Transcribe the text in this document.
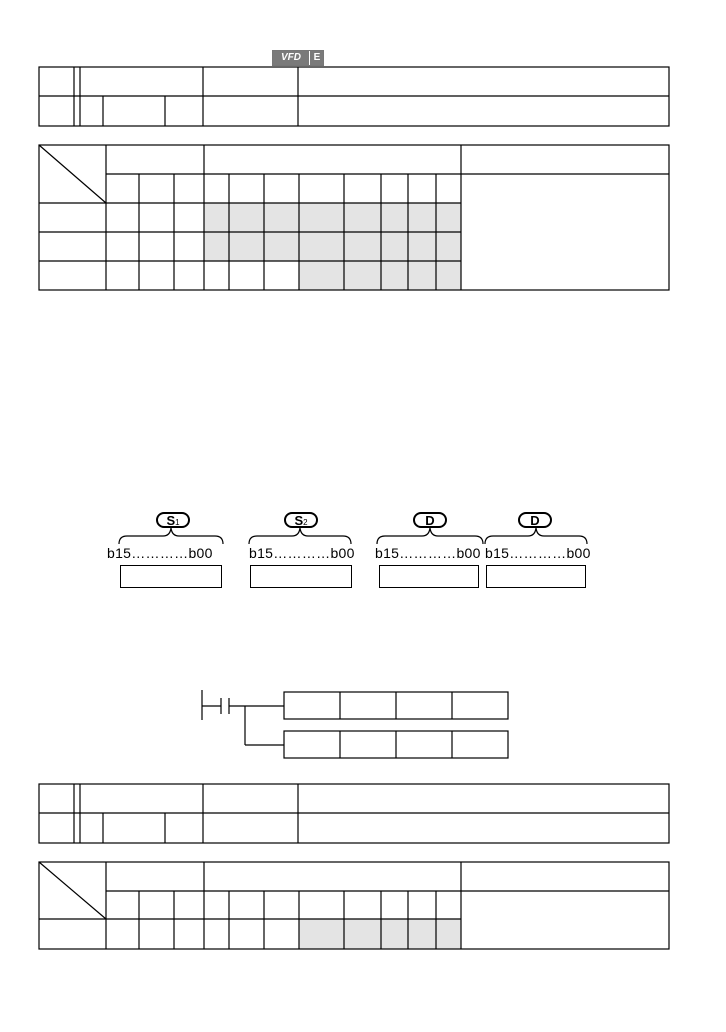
VFD	E
S1	S2	D	D
b15…………b00	b15…………b00 b15…………b00 b15…………b00
